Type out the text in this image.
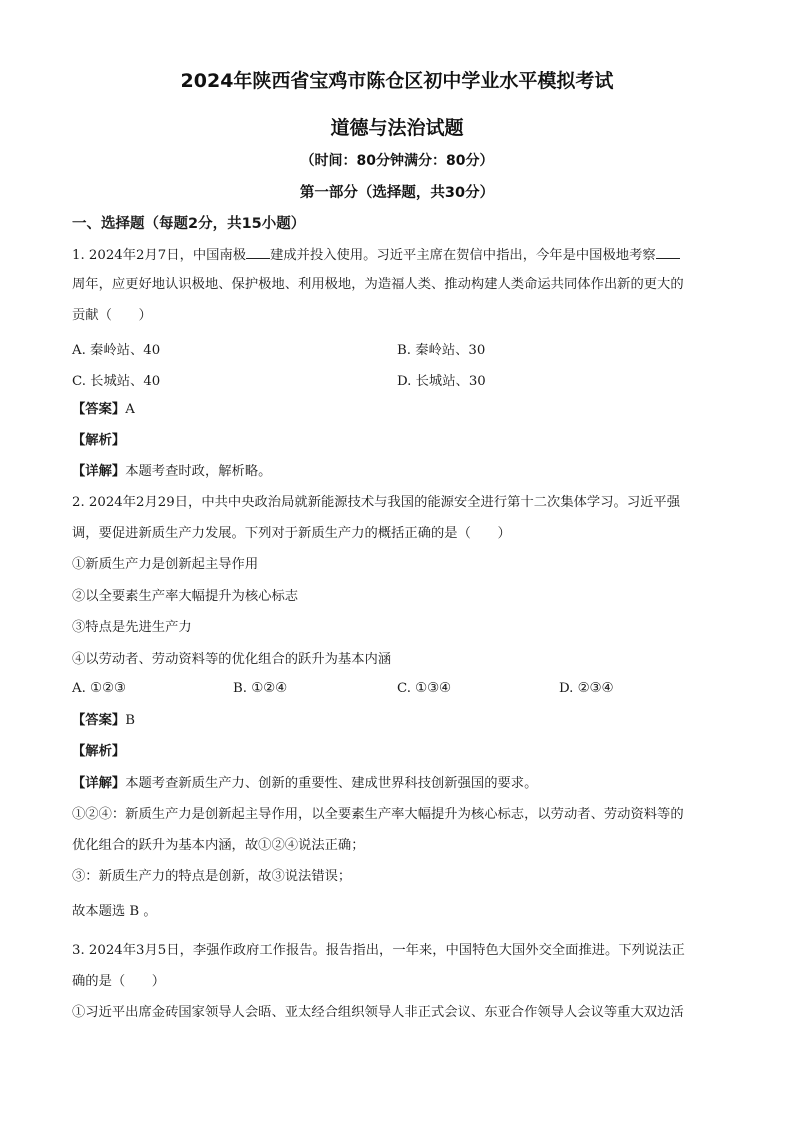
2024年陕西省宝鸡市陈仓区初中学业水平模拟考试
道德与法治试题
（时间：80分钟满分：80分）
第一部分（选择题，共30分）
一、选择题（每题2分，共15小题）
1. 2024年2月7日，中国南极 建成并投入使用。习近平主席在贺信中指出，今年是中国极地考察
周年，应更好地认识极地、保护极地、利用极地，为造福人类、推动构建人类命运共同体作出新的更大的
贡献（　　）
A. 秦岭站、40	B. 秦岭站、30
C. 长城站、40	D. 长城站、30
【答案】A
【解析】
【详解】本题考查时政，解析略。
2. 2024年2月29日，中共中央政治局就新能源技术与我国的能源安全进行第十二次集体学习。习近平强
调，要促进新质生产力发展。下列对于新质生产力的概括正确的是（　　）
①新质生产力是创新起主导作用
②以全要素生产率大幅提升为核心标志
③特点是先进生产力
④以劳动者、劳动资料等的优化组合的跃升为基本内涵
A. ①②③	B. ①②④	C. ①③④	D. ②③④
【答案】B
【解析】
【详解】本题考查新质生产力、创新的重要性、建成世界科技创新强国的要求。
①②④：新质生产力是创新起主导作用，以全要素生产率大幅提升为核心标志，以劳动者、劳动资料等的
优化组合的跃升为基本内涵，故①②④说法正确；
③：新质生产力的特点是创新，故③说法错误；
故本题选 B 。
3. 2024年3月5日，李强作政府工作报告。报告指出，一年来，中国特色大国外交全面推进。下列说法正
确的是（　　）
①习近平出席金砖国家领导人会晤、亚太经合组织领导人非正式会议、东亚合作领导人会议等重大双边活
